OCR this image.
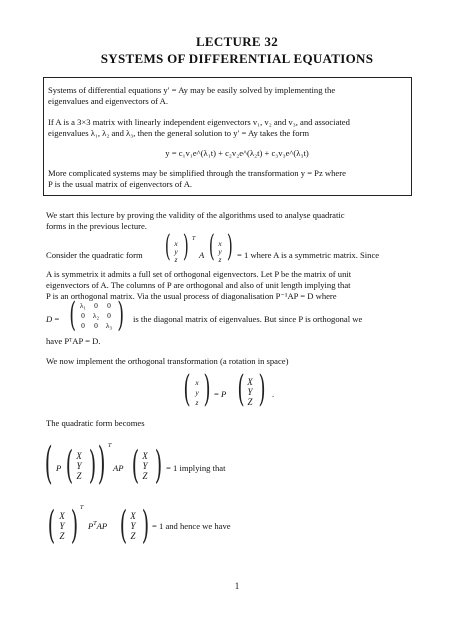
LECTURE 32
SYSTEMS OF DIFFERENTIAL EQUATIONS
Systems of differential equations y′ = Ay may be easily solved by implementing the
eigenvalues and eigenvectors of A.
If A is a 3×3 matrix with linearly independent eigenvectors v₁, v₂ and v₃, and associated
eigenvalues λ₁, λ₂ and λ₃, then the general solution to y′ = Ay takes the form
y = c₁v₁e^(λ₁t) + c₂v₂e^(λ₂t) + c₃v₃e^(λ₃t)
More complicated systems may be simplified through the transformation y = Pz where
P is the usual matrix of eigenvectors of A.
We start this lecture by proving the validity of the algorithms used to analyse quadratic
forms in the previous lecture.
Consider the quadratic form ( x
y
z ) T
A ( x
y
z ) = 1 where A is a symmetric matrix. Since
A is symmetrix it admits a full set of orthogonal eigenvectors. Let P be the matrix of unit
eigenvectors of A. The columns of P are orthogonal and also of unit length implying that
P is an orthogonal matrix. Via the usual process of diagonalisation P⁻¹AP = D where
D = ( λ₁ 0 0
0 λ₂ 0
0 0 λ₃ ) is the diagonal matrix of eigenvalues. But since P is orthogonal we
have PᵀAP = D.
We now implement the orthogonal transformation (a rotation in space)
( x
y
z ) = P ( X
Y
Z ) .
The quadratic form becomes
( P ( X
Y
Z ) ) T
AP ( X
Y
Z ) = 1 implying that
( X
Y
Z ) T
$P^TAP$ ( X
Y
Z ) = 1 and hence we have
1
